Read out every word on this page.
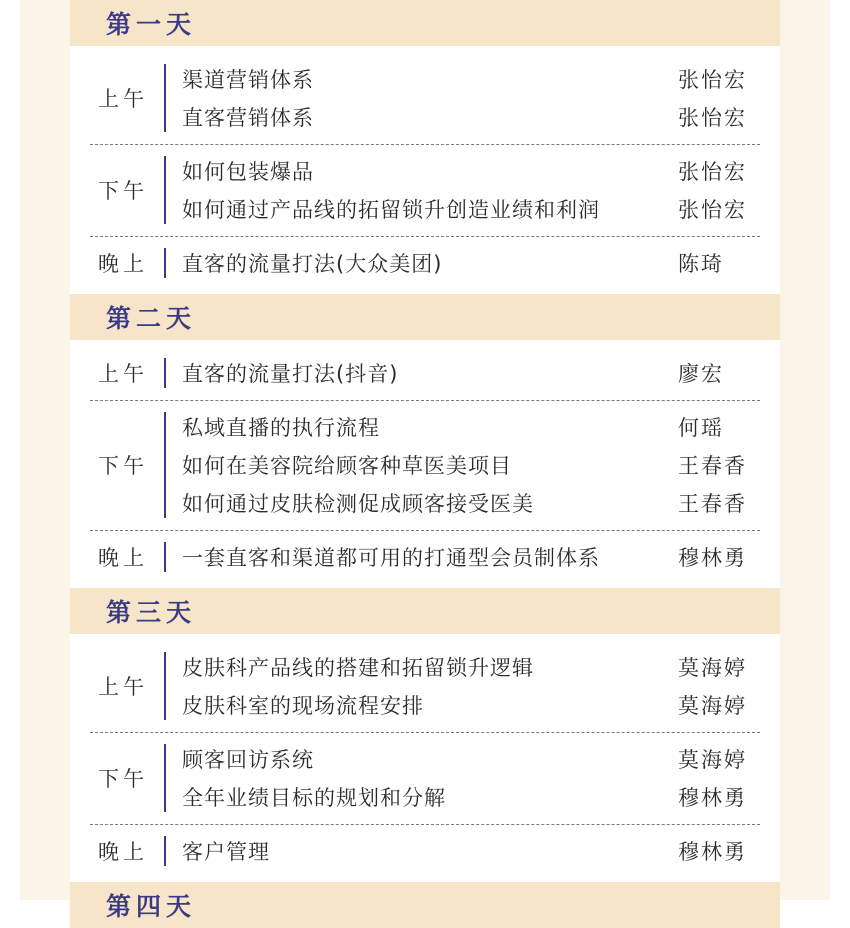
第一天
上午
渠道营销体系	张怡宏
直客营销体系	张怡宏
下午
如何包装爆品	张怡宏
如何通过产品线的拓留锁升创造业绩和利润	张怡宏
晚上	直客的流量打法(大众美团)	陈琦
第二天
上午	直客的流量打法(抖音)	廖宏
下午
私域直播的执行流程	何瑶
如何在美容院给顾客种草医美项目	王春香
如何通过皮肤检测促成顾客接受医美	王春香
晚上	一套直客和渠道都可用的打通型会员制体系	穆林勇
第三天
上午
皮肤科产品线的搭建和拓留锁升逻辑	莫海婷
皮肤科室的现场流程安排	莫海婷
下午
顾客回访系统	莫海婷
全年业绩目标的规划和分解	穆林勇
晚上	客户管理	穆林勇
第四天
